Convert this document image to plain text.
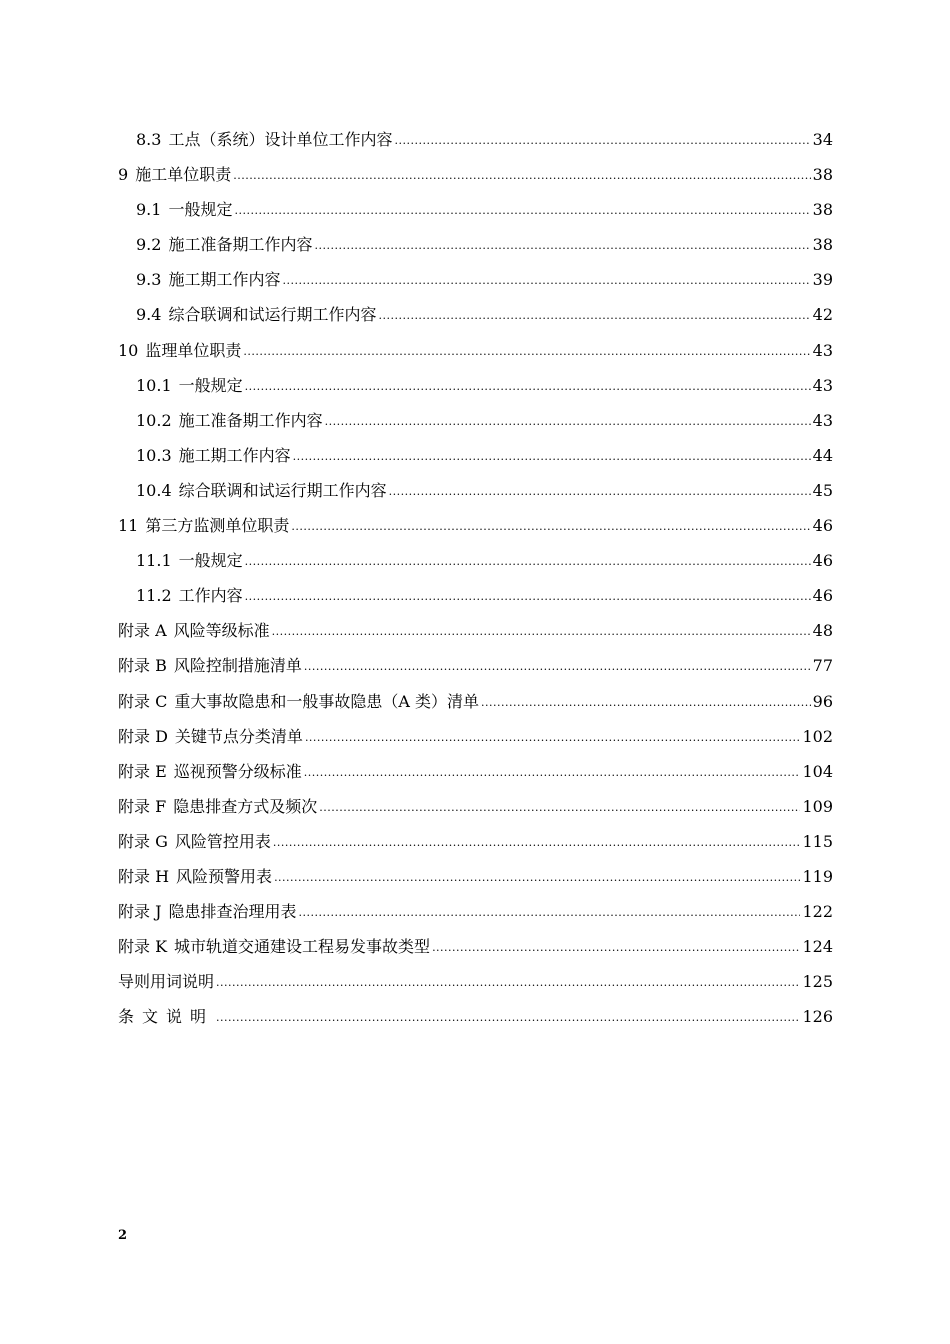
8.3 工点（系统）设计单位工作内容 .....	34
9 施工单位职责 .....	38
9.1 一般规定 .....	38
9.2 施工准备期工作内容 .....	38
9.3 施工期工作内容 .....	39
9.4 综合联调和试运行期工作内容 .....	42
10 监理单位职责 .....	43
10.1 一般规定 .....	43
10.2 施工准备期工作内容 .....	43
10.3 施工期工作内容 .....	44
10.4 综合联调和试运行期工作内容 .....	45
11 第三方监测单位职责 .....	46
11.1 一般规定 .....	46
11.2 工作内容 .....	46
附录 A 风险等级标准 .....	48
附录 B 风险控制措施清单 .....	77
附录 C 重大事故隐患和一般事故隐患（A 类）清单 .....	96
附录 D 关键节点分类清单 .....	102
附录 E 巡视预警分级标准 .....	104
附录 F 隐患排查方式及频次 .....	109
附录 G 风险管控用表 .....	115
附录 H 风险预警用表 .....	119
附录 J 隐患排查治理用表 .....	122
附录 K 城市轨道交通建设工程易发事故类型 .....	124
导则用词说明 .....	125
条文说明 .....	126
2
